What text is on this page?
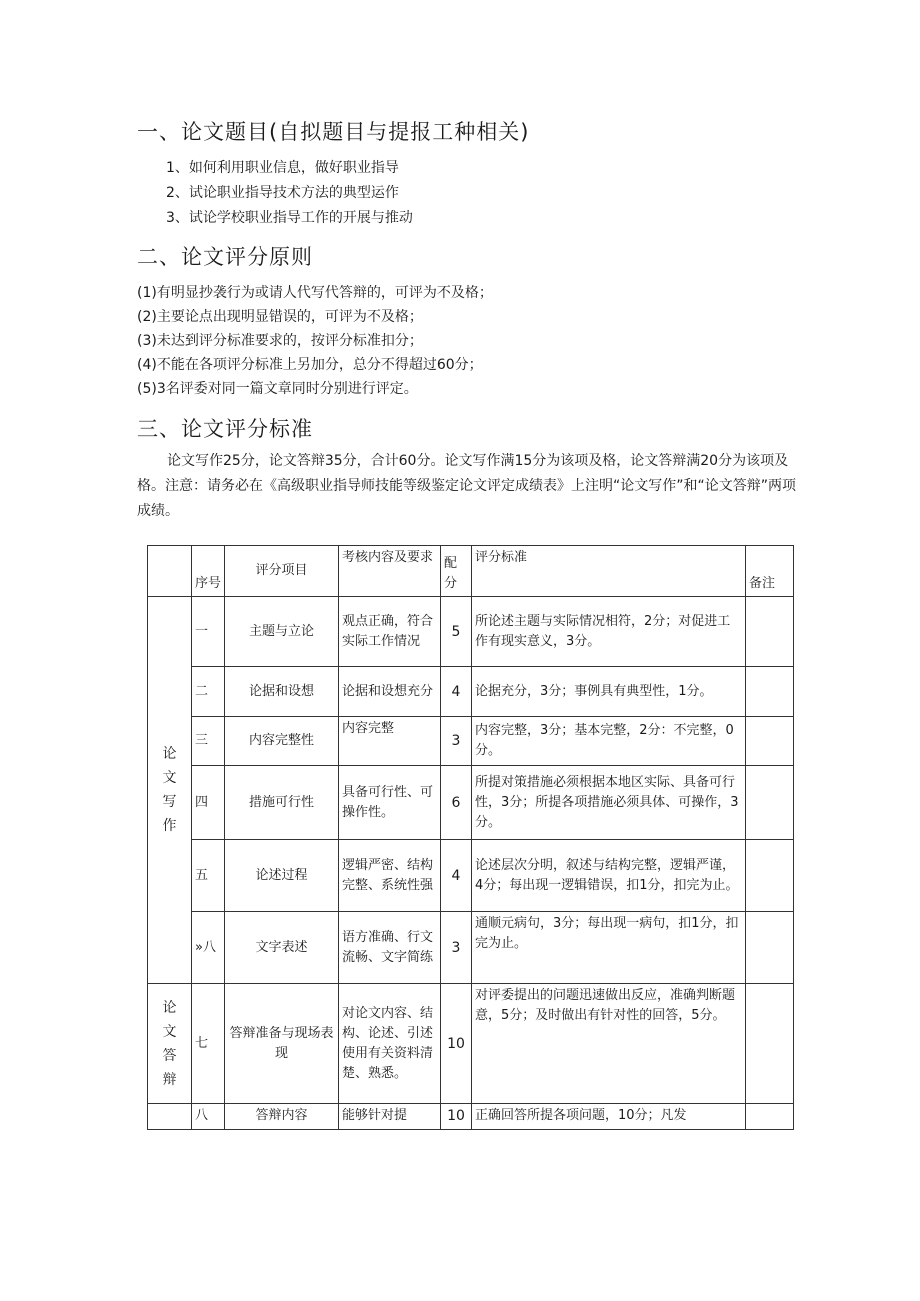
一、论文题目(自拟题目与提报工种相关)
1、如何利用职业信息，做好职业指导
2、试论职业指导技术方法的典型运作
3、试论学校职业指导工作的开展与推动
二、论文评分原则
(1)有明显抄袭行为或请人代写代答辩的，可评为不及格；
(2)主要论点出现明显错误的，可评为不及格；
(3)未达到评分标准要求的，按评分标准扣分；
(4)不能在各项评分标准上另加分，总分不得超过60分；
(5)3名评委对同一篇文章同时分别进行评定。
三、论文评分标准
论文写作25分，论文答辩35分，合计60分。论文写作满15分为该项及格，论文答辩满20分为该项及格。注意：请务必在《高级职业指导师技能等级鉴定论文评定成绩表》上注明“论文写作”和“论文答辩”两项成绩。
	序号	评分项目	考核内容及要求	配分	评分标准	备注

论
文
写
作	一	主题与立论	观点正确，符合实际工作情况	5	所论述主题与实际情况相符，2分；对促进工作有现实意义，3分。	
	二	论据和设想	论据和设想充分	4	论据充分，3分；事例具有典型性，1分。	
	三	内容完整性	内容完整	3	内容完整，3分；基本完整，2分：不完整，0分。	
	四	措施可行性	具备可行性、可操作性。	6	所提对策措施必须根据本地区实际、具备可行性，3分；所提各项措施必须具体、可操作，3分。	
	五	论述过程	逻辑严密、结构完整、系统性强	4	论述层次分明，叙述与结构完整，逻辑严谨，4分；每出现一逻辑错误，扣1分，扣完为止。	
	»八	文字表述	语方准确、行文流畅、文字简练	3	通顺元病句，3分；每出现一病句，扣1分，扣完为止。	

论
文
答
辩	七	答辩准备与现场表现	对论文内容、结构、论述、引述使用有关资料清楚、熟悉。	10	对评委提出的问题迅速做出反应，准确判断题意，5分；及时做出有针对性的回答，5分。	
	八	答辩内容	能够针对提	10	正确回答所提各项问题，10分；凡发	
